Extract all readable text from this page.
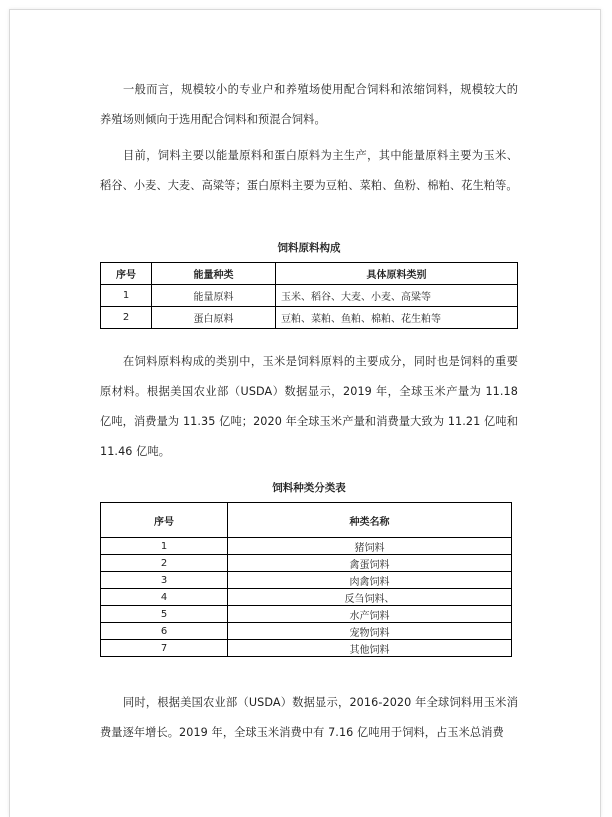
一般而言，规模较小的专业户和养殖场使用配合饲料和浓缩饲料，规模较大的养殖场则倾向于选用配合饲料和预混合饲料。

目前，饲料主要以能量原料和蛋白原料为主生产，其中能量原料主要为玉米、稻谷、小麦、大麦、高粱等；蛋白原料主要为豆粕、菜粕、鱼粉、棉粕、花生粕等。

饲料原料构成

序号	能量种类	具体原料类别
1	能量原料	玉米、稻谷、大麦、小麦、高粱等
2	蛋白原料	豆粕、菜粕、鱼粕、棉粕、花生粕等

在饲料原料构成的类别中，玉米是饲料原料的主要成分，同时也是饲料的重要原材料。根据美国农业部（USDA）数据显示，2019 年，全球玉米产量为 11.18 亿吨，消费量为 11.35 亿吨；2020 年全球玉米产量和消费量大致为 11.21 亿吨和 11.46 亿吨。

饲料种类分类表

序号	种类名称
1	猪饲料
2	禽蛋饲料
3	肉禽饲料
4	反刍饲料、
5	水产饲料
6	宠物饲料
7	其他饲料

同时，根据美国农业部（USDA）数据显示，2016-2020 年全球饲料用玉米消费量逐年增长。2019 年，全球玉米消费中有 7.16 亿吨用于饲料，占玉米总消费
